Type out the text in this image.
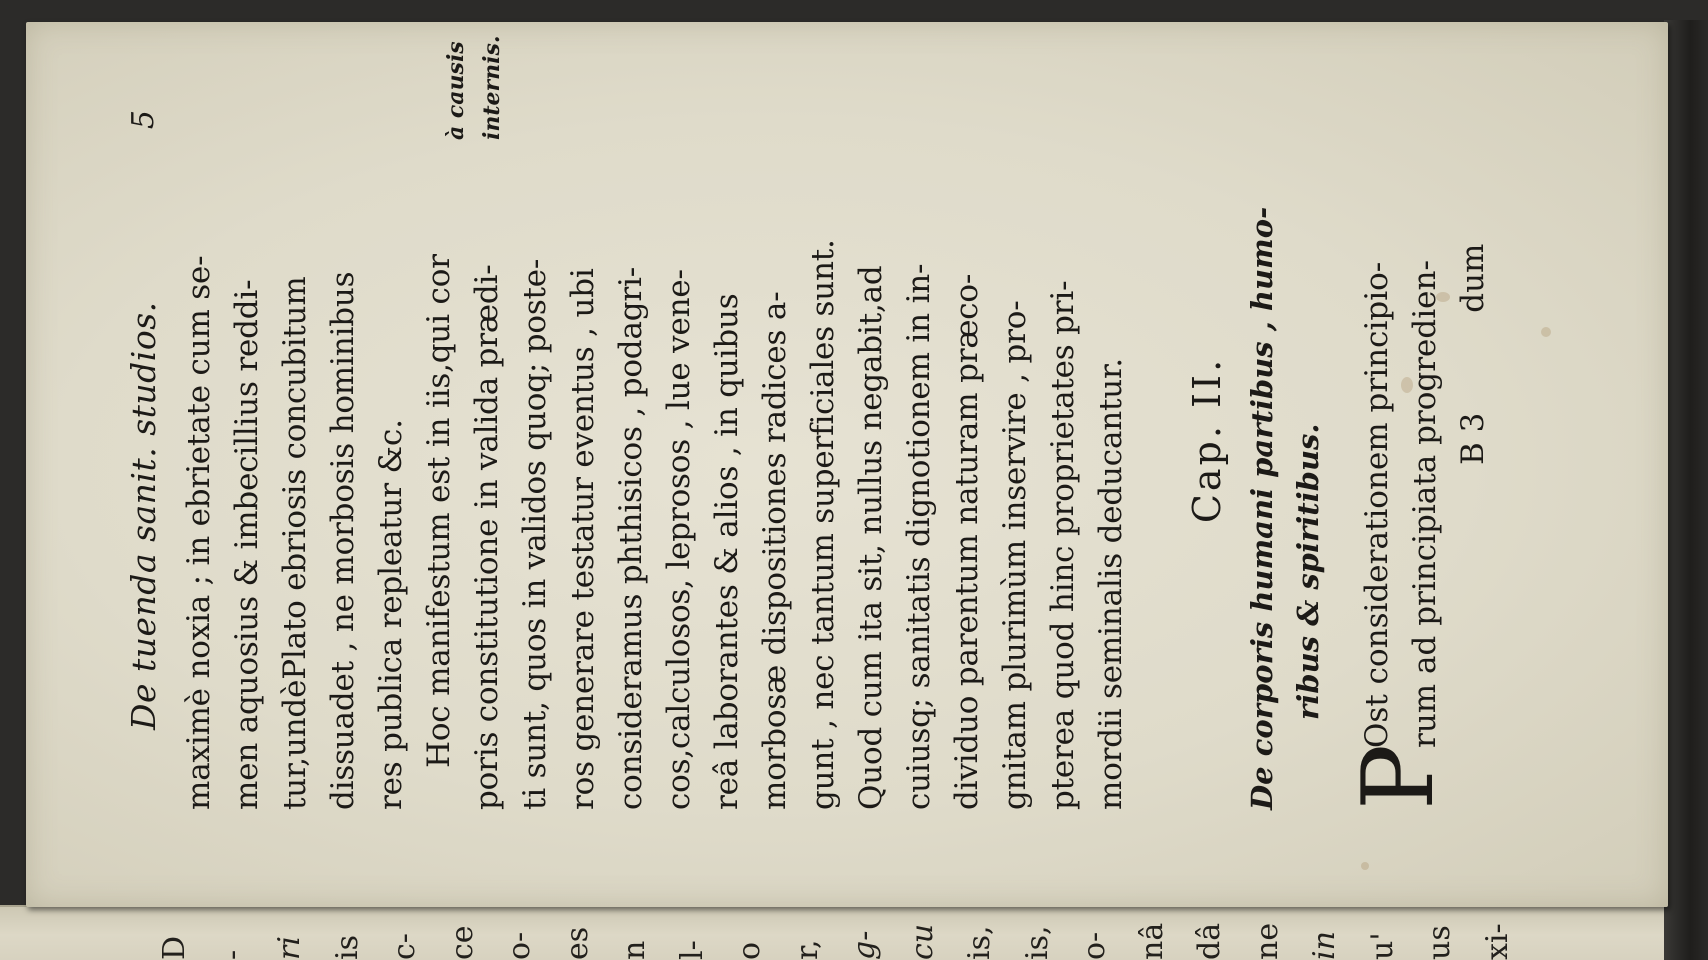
De tuenda sanit. studios.
5
maximè noxia ; in ebrietate cum se- men aquosius & imbecillius reddi- tur,undèPlato ebriosis concubitum dissuadet , ne morbosis hominibus res publica repleatur &c. Hoc manifestum est in iis,qui cor poris constitutione in valida prædi- ti sunt, quos in validos quoq; poste- ros generare testatur eventus , ubi consideramus phthisicos , podagri- cos,calculosos, leprosos , lue vene- reâ laborantes & alios , in quibus morbosæ dispositiones radices a- gunt , nec tantum superficiales sunt. Quod cum ita sit, nullus negabit,ad cuiusq; sanitatis dignotionem in in- dividuo parentum naturam præco- gnitam plurimùm inservire , pro- pterea quod hinc proprietates pri- mordii seminalis deducantur. Cap. II. De corporis humani partibus , humo- ribus & spiritibus.
P
Ost considerationem principio- rum ad principiata progredien- B 3 dum
à causis internis.
D - ri is c- ce o- es n l- o r, g- cu is, is, o- nâ dâ ne in u' us xi-
